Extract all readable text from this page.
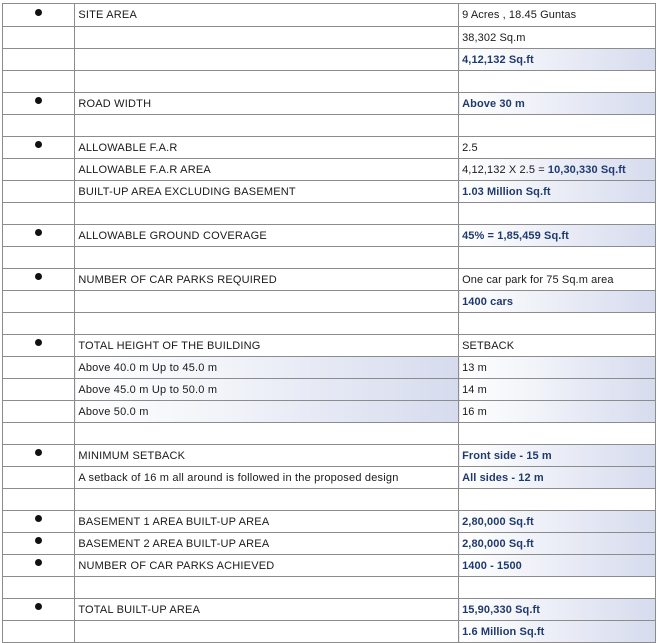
	SITE AREA	9 Acres , 18.45 Guntas
		38,302 Sq.m
		4,12,132 Sq.ft

	ROAD WIDTH	Above 30 m

	ALLOWABLE F.A.R	2.5
	ALLOWABLE F.A.R AREA	4,12,132 X 2.5 = 10,30,330 Sq.ft
	BUILT-UP AREA EXCLUDING BASEMENT	1.03 Million Sq.ft

	ALLOWABLE GROUND COVERAGE	45% = 1,85,459 Sq.ft

	NUMBER OF CAR PARKS REQUIRED	One car park for 75 Sq.m area
		1400 cars

	TOTAL HEIGHT OF THE BUILDING	SETBACK
	Above 40.0 m Up to 45.0 m	13 m
	Above 45.0 m Up to 50.0 m	14 m
	Above 50.0 m	16 m

	MINIMUM SETBACK	Front side - 15 m
	A setback of 16 m all around is followed in the proposed design	All sides - 12 m

	BASEMENT 1 AREA BUILT-UP AREA	2,80,000 Sq.ft
	BASEMENT 2 AREA BUILT-UP AREA	2,80,000 Sq.ft
	NUMBER OF CAR PARKS ACHIEVED	1400 - 1500

	TOTAL BUILT-UP AREA	15,90,330 Sq.ft
		1.6 Million Sq.ft
